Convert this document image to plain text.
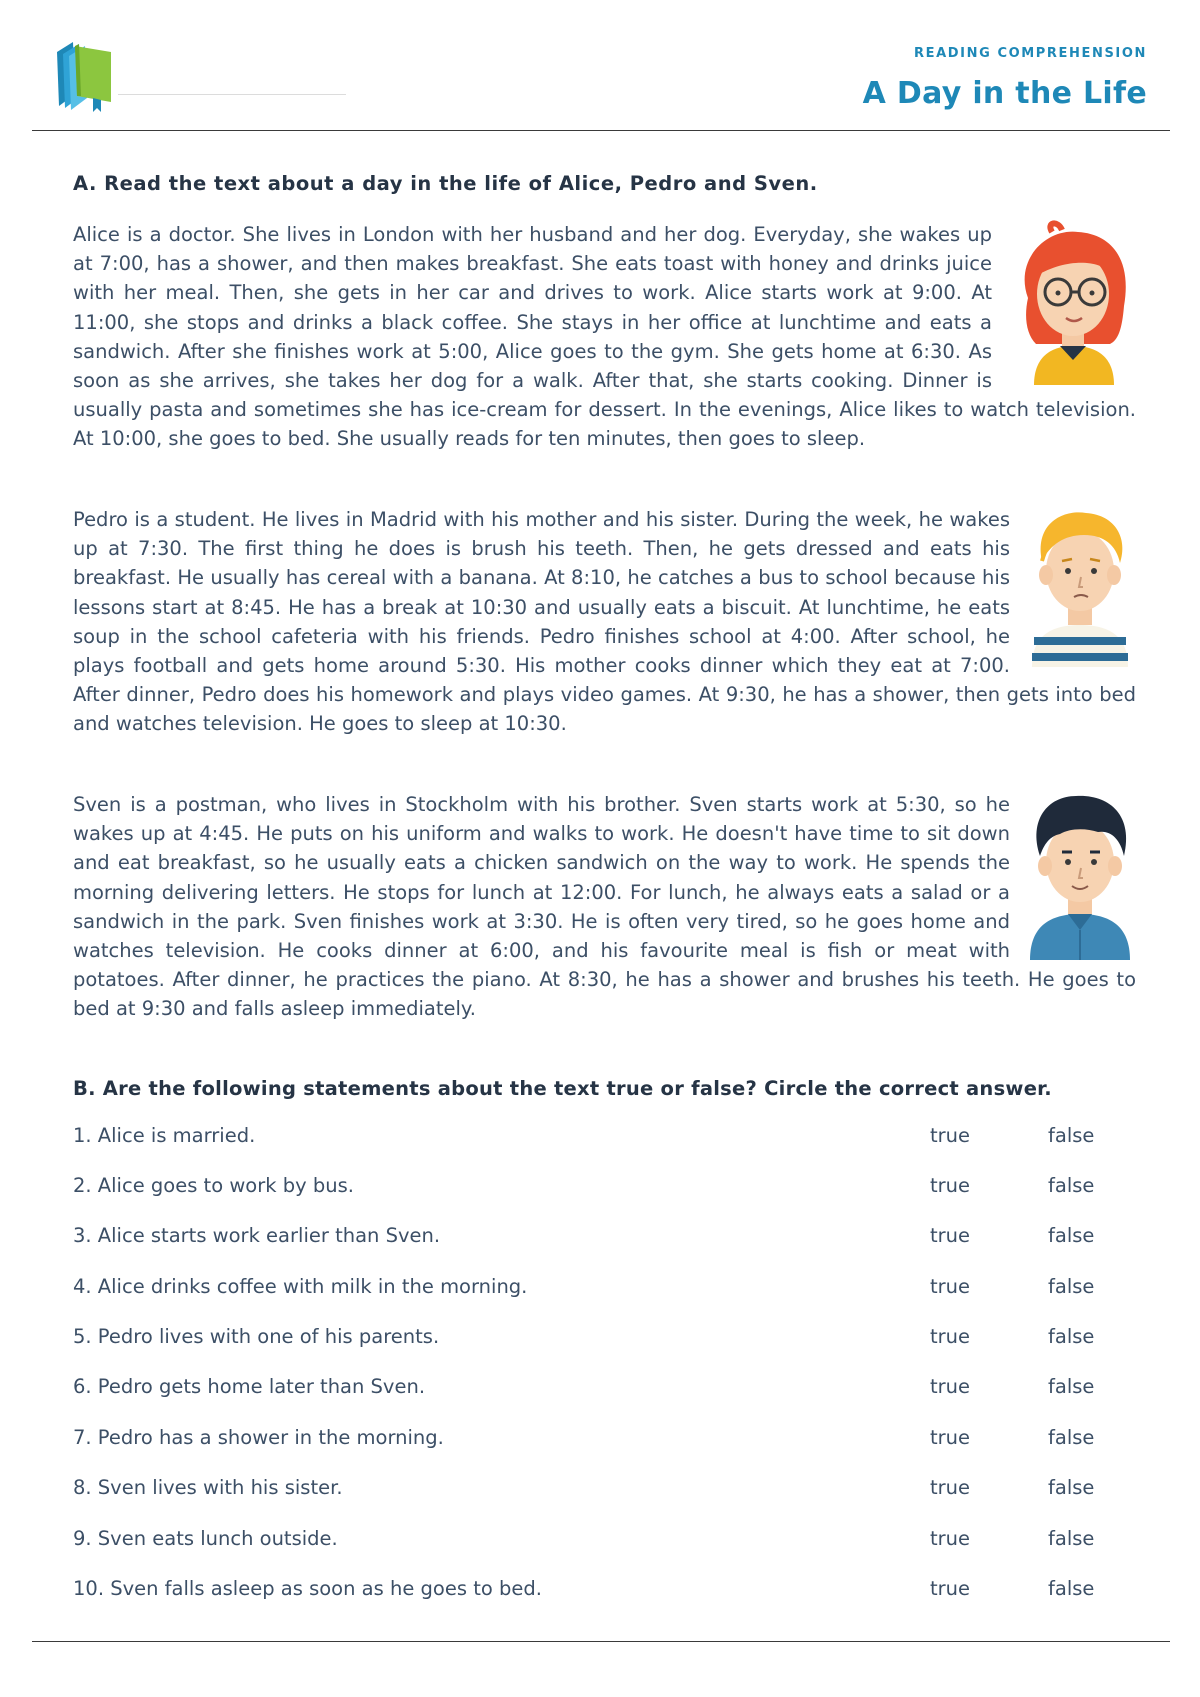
READING COMPREHENSION
A Day in the Life
A. Read the text about a day in the life of Alice, Pedro and Sven.
Alice is a doctor. She lives in London with her husband and her dog. Everyday, she wakes up at 7:00, has a shower, and then makes breakfast. She eats toast with honey and drinks juice with her meal. Then, she gets in her car and drives to work. Alice starts work at 9:00. At 11:00, she stops and drinks a black coffee. She stays in her office at lunchtime and eats a sandwich. After she finishes work at 5:00, Alice goes to the gym. She gets home at 6:30. As soon as she arrives, she takes her dog for a walk. After that, she starts cooking. Dinner is usually pasta and sometimes she has ice-cream for dessert. In the evenings, Alice likes to watch television. At 10:00, she goes to bed. She usually reads for ten minutes, then goes to sleep.
Pedro is a student. He lives in Madrid with his mother and his sister. During the week, he wakes up at 7:30. The first thing he does is brush his teeth. Then, he gets dressed and eats his breakfast. He usually has cereal with a banana. At 8:10, he catches a bus to school because his lessons start at 8:45. He has a break at 10:30 and usually eats a biscuit. At lunchtime, he eats soup in the school cafeteria with his friends. Pedro finishes school at 4:00. After school, he plays football and gets home around 5:30. His mother cooks dinner which they eat at 7:00. After dinner, Pedro does his homework and plays video games. At 9:30, he has a shower, then gets into bed and watches television. He goes to sleep at 10:30.
Sven is a postman, who lives in Stockholm with his brother. Sven starts work at 5:30, so he wakes up at 4:45. He puts on his uniform and walks to work. He doesn't have time to sit down and eat breakfast, so he usually eats a chicken sandwich on the way to work. He spends the morning delivering letters. He stops for lunch at 12:00. For lunch, he always eats a salad or a sandwich in the park. Sven finishes work at 3:30. He is often very tired, so he goes home and watches television. He cooks dinner at 6:00, and his favourite meal is fish or meat with potatoes. After dinner, he practices the piano. At 8:30, he has a shower and brushes his teeth. He goes to bed at 9:30 and falls asleep immediately.
B. Are the following statements about the text true or false? Circle the correct answer.
1. Alice is married.	true	false
2. Alice goes to work by bus.	true	false
3. Alice starts work earlier than Sven.	true	false
4. Alice drinks coffee with milk in the morning.	true	false
5. Pedro lives with one of his parents.	true	false
6. Pedro gets home later than Sven.	true	false
7. Pedro has a shower in the morning.	true	false
8. Sven lives with his sister.	true	false
9. Sven eats lunch outside.	true	false
10. Sven falls asleep as soon as he goes to bed.	true	false
